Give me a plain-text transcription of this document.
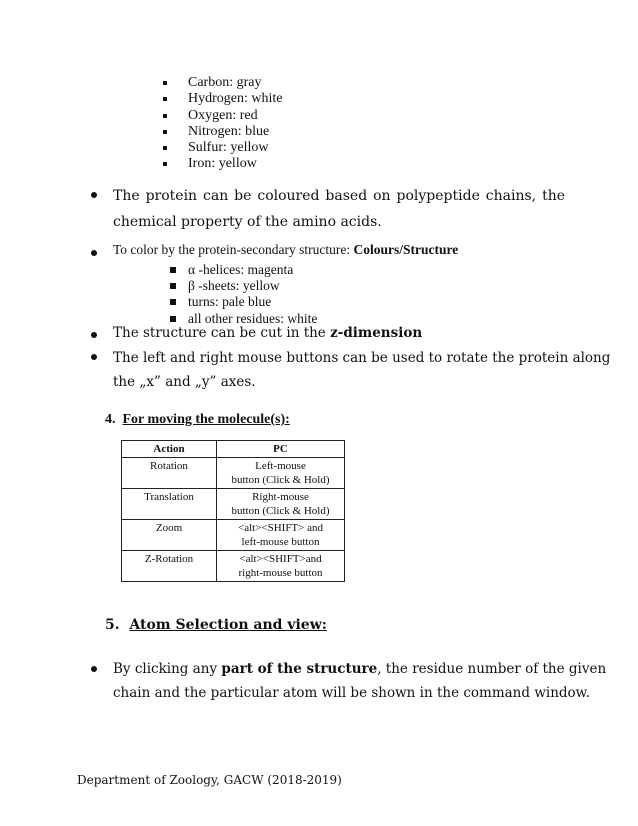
Carbon: gray
Hydrogen: white
Oxygen: red
Nitrogen: blue
Sulfur: yellow
Iron: yellow
The protein can be coloured based on polypeptide chains, the chemical property of the amino acids.
To color by the protein-secondary structure: Colours/Structure
α -helices: magenta
β -sheets: yellow
turns: pale blue
all other residues: white
The structure can be cut in the z-dimension
The left and right mouse buttons can be used to rotate the protein along
the „x” and „y” axes.
4. For moving the molecule(s):
Action	PC
Rotation	Left-mouse
button (Click & Hold)
Translation	Right-mouse
button (Click & Hold)
Zoom	<alt><SHIFT> and
left-mouse button
Z-Rotation	<alt><SHIFT>and
right-mouse button
5. Atom Selection and view:
By clicking any part of the structure, the residue number of the given
chain and the particular atom will be shown in the command window.
Department of Zoology, GACW (2018-2019)
